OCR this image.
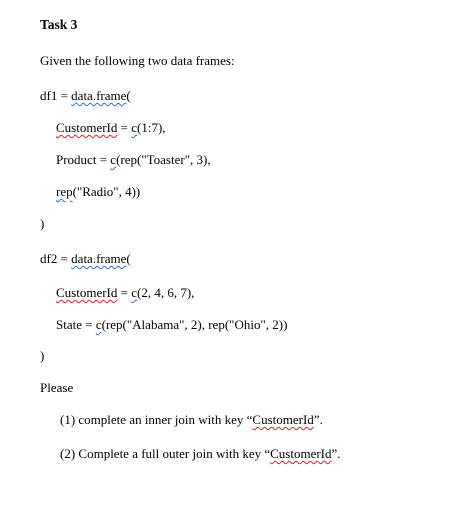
Task 3
Given the following two data frames:
df1 = data.frame(
CustomerId = c(1:7),
Product = c(rep("Toaster", 3),
rep("Radio", 4))
)
df2 = data.frame(
CustomerId = c(2, 4, 6, 7),
State = c(rep("Alabama", 2), rep("Ohio", 2))
)
Please
(1) complete an inner join with key “CustomerId”.
(2) Complete a full outer join with key “CustomerId”.
